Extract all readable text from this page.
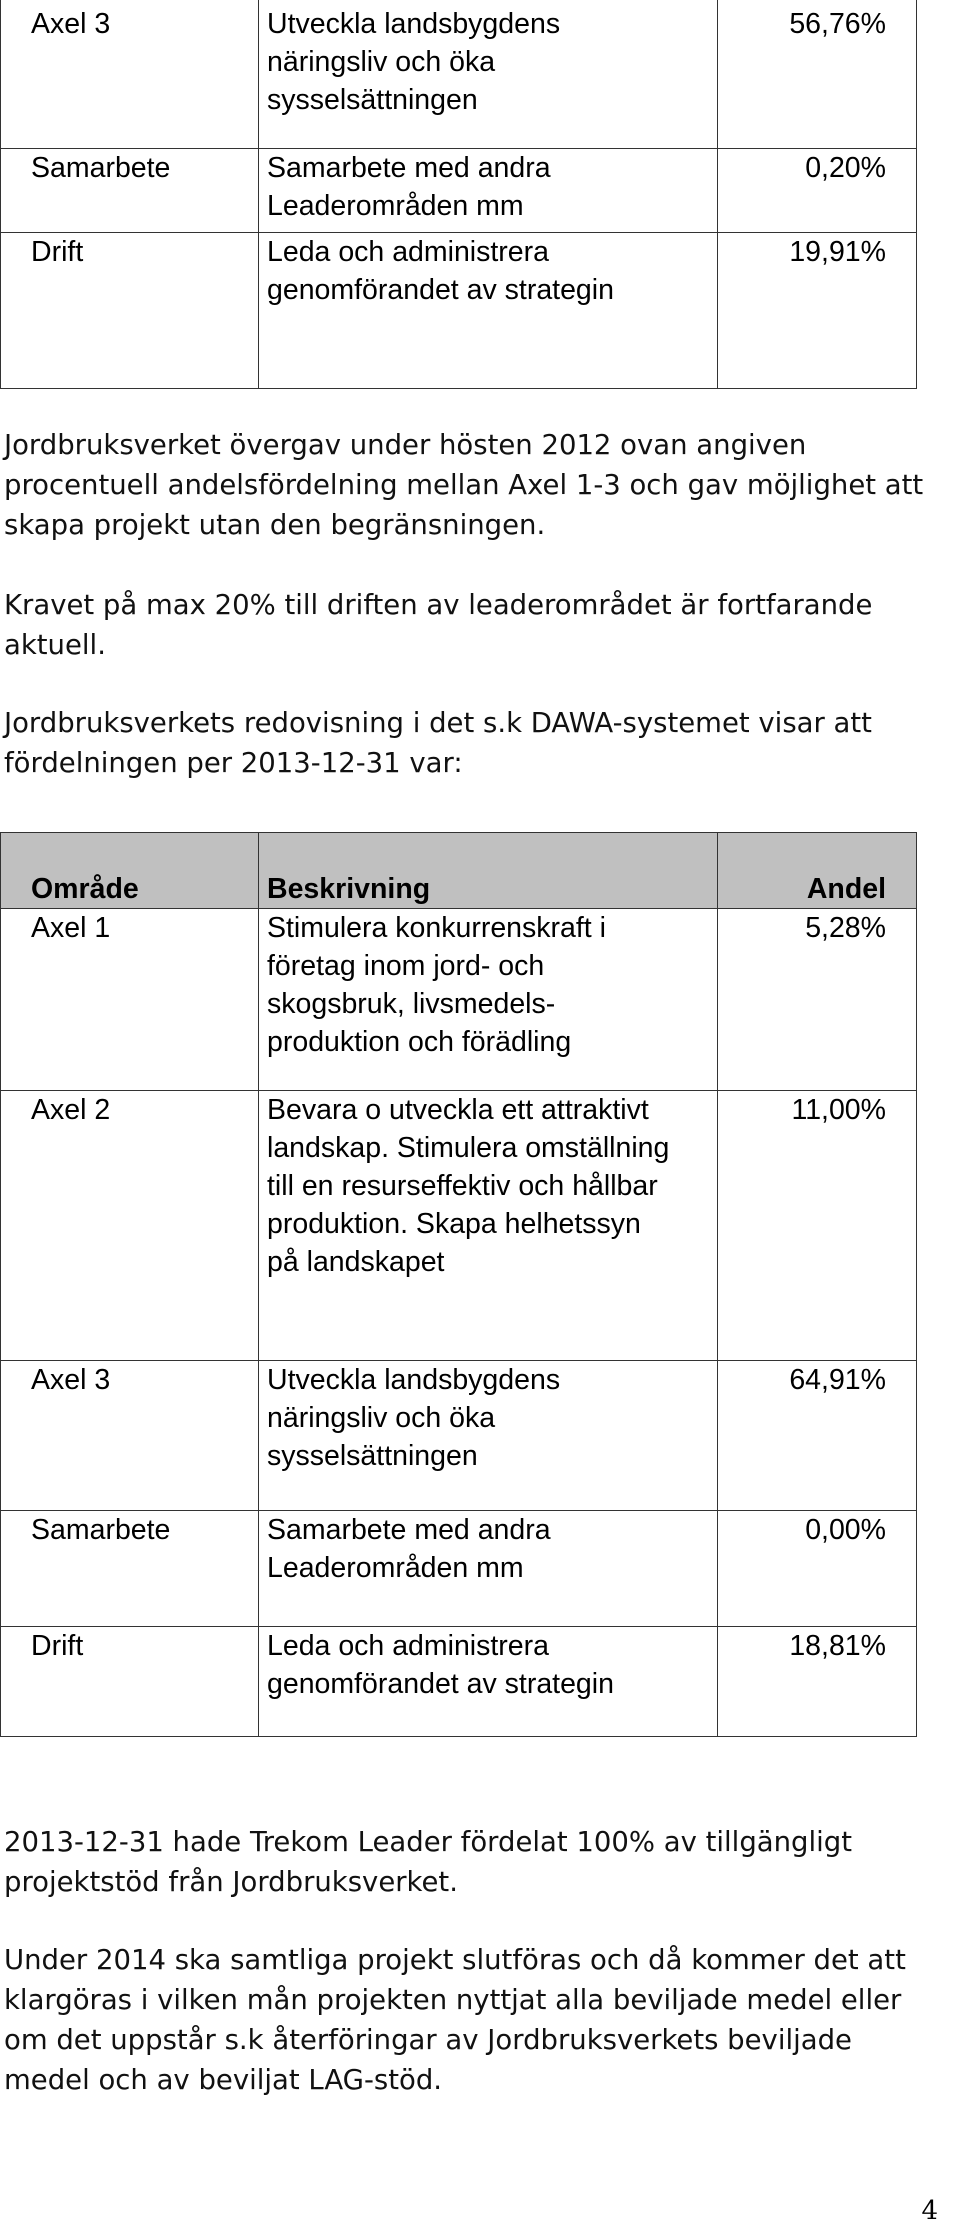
Axel 3	Utveckla landsbygdens näringsliv och öka sysselsättningen	56,76%

Samarbete	Samarbete med andra Leaderområden mm	0,20%

Drift	Leda och administrera genomförandet av strategin	19,91%

Jordbruksverket övergav under hösten 2012 ovan angiven procentuell andelsfördelning mellan Axel 1-3 och gav möjlighet att skapa projekt utan den begränsningen.

Kravet på max 20% till driften av leaderområdet är fortfarande aktuell.

Jordbruksverkets redovisning i det s.k DAWA-systemet visar att fördelningen per 2013-12-31 var:

Område	Beskrivning	Andel

Axel 1	Stimulera konkurrenskraft i företag inom jord- och skogsbruk, livsmedels- produktion och förädling	5,28%

Axel 2	Bevara o utveckla ett attraktivt landskap. Stimulera omställning till en resurseffektiv och hållbar produktion. Skapa helhetssyn på landskapet	11,00%

Axel 3	Utveckla landsbygdens näringsliv och öka sysselsättningen	64,91%

Samarbete	Samarbete med andra Leaderområden mm	0,00%

Drift	Leda och administrera genomförandet av strategin	18,81%

2013-12-31 hade Trekom Leader fördelat 100% av tillgängligt projektstöd från Jordbruksverket.

Under 2014 ska samtliga projekt slutföras och då kommer det att klargöras i vilken mån projekten nyttjat alla beviljade medel eller om det uppstår s.k återföringar av Jordbruksverkets beviljade medel och av beviljat LAG-stöd.

4
